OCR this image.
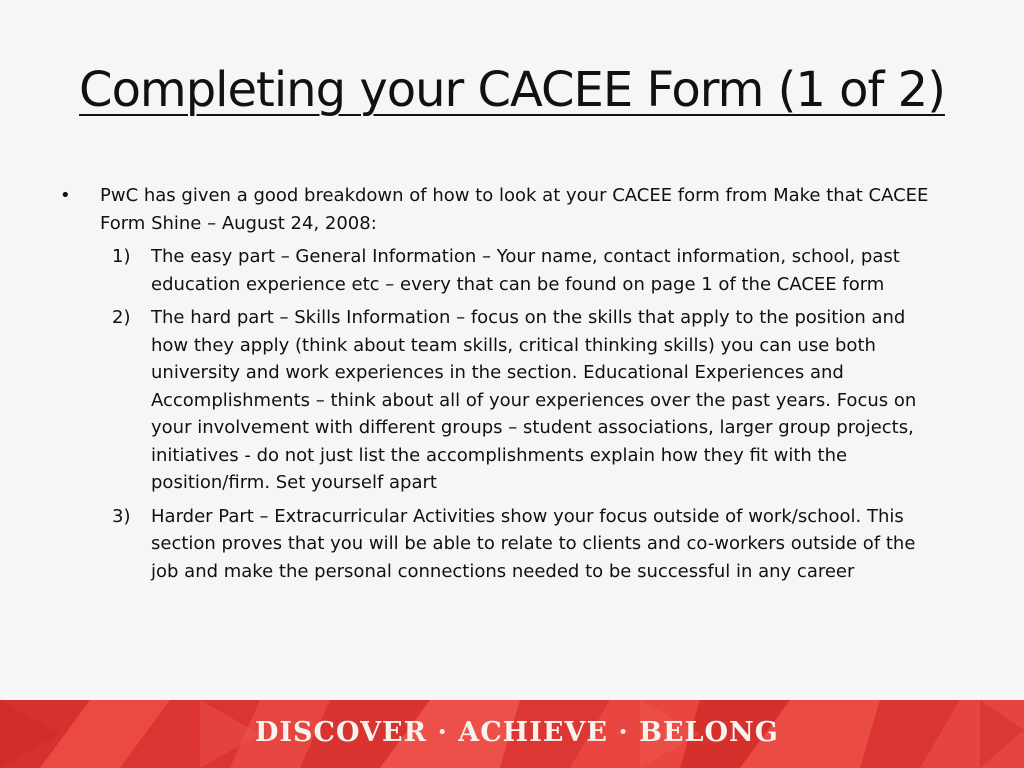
Completing your CACEE Form (1 of 2)
• PwC has given a good breakdown of how to look at your CACEE form from Make that CACEE Form Shine – August 24, 2008:
1) The easy part – General Information – Your name, contact information, school, past education experience etc – every that can be found on page 1 of the CACEE form
2) The hard part – Skills Information – focus on the skills that apply to the position and how they apply (think about team skills, critical thinking skills) you can use both university and work experiences in the section. Educational Experiences and Accomplishments – think about all of your experiences over the past years. Focus on your involvement with different groups – student associations, larger group projects, initiatives - do not just list the accomplishments explain how they fit with the position/firm. Set yourself apart
3) Harder Part – Extracurricular Activities show your focus outside of work/school. This section proves that you will be able to relate to clients and co-workers outside of the job and make the personal connections needed to be successful in any career
DISCOVER · ACHIEVE · BELONG
